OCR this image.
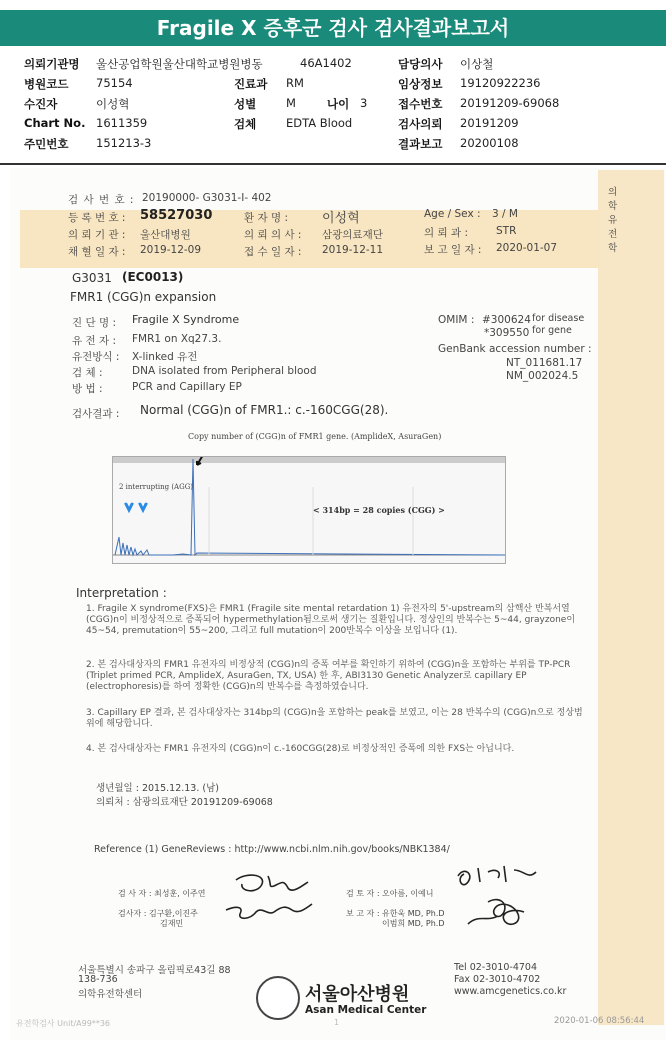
Fragile X 증후군 검사 검사결과보고서
의뢰기관명 울산공업학원울산대학교병원병동	46A1402	담당의사 이상철
병원코드 75154	진료과 RM	임상정보 19120922236
수진자	이성혁	성별	M	나이 3	접수번호 20191209-69068
Chart No. 1611359	검체	EDTA Blood	검사의뢰 20191209
주민번호 151213-3	결과보고 20200108
검 사 번 호 : 20190000- G3031-I- 402	의학유전학
등 록 번 호 : 58527030	환 자 명 :	이성혁	Age / Sex : 3 / M
의 뢰 기 관 : 울산대병원	의 뢰 의 사 : 삼광의료재단	의 뢰 과 :	STR
채 혈 일 자 : 2019-12-09	접 수 일 자 : 2019-12-11	보 고 일 자 : 2020-01-07
G3031 (EC0013)
FMR1 (CGG)n expansion
진 단 명 : Fragile X Syndrome
유 전 자 : FMR1 on Xq27.3.
유전방식 : X-linked 유전
검 체 :	DNA isolated from Peripheral blood
방 법 :	PCR and Capillary EP
OMIM : #300624 for disease
*309550 for gene
GenBank accession number :
NT_011681.17
NM_002024.5
검사결과 : Normal (CGG)n of FMR1.: c.-160CGG(28).
Copy number of (CGG)n of FMR1 gene. (AmplideX, AsuraGen)
2 interrupting (AGG)
< 314bp = 28 copies (CGG) >
Interpretation :
1. Fragile X syndrome(FXS)은 FMR1 (Fragile site mental retardation 1) 유전자의 5'-upstream의 삼핵산 반복서열 (CGG)n이 비정상적으로 증폭되어 hypermethylation됨으로써 생기는 질환입니다. 정상인의 반복수는 5~44, grayzone이 45~54, premutation이 55~200, 그리고 full mutation이 200반복수 이상을 보입니다 (1).
2. 본 검사대상자의 FMR1 유전자의 비정상적 (CGG)n의 증폭 여부를 확인하기 위하여 (CGG)n을 포함하는 부위를 TP-PCR (Triplet primed PCR, AmplideX, AsuraGen, TX, USA) 한 후, ABI3130 Genetic Analyzer로 capillary EP (electrophoresis)를 하여 정확한 (CGG)n의 반복수를 측정하였습니다.
3. Capillary EP 결과, 본 검사대상자는 314bp의 (CGG)n을 포함하는 peak를 보였고, 이는 28 반복수의 (CGG)n으로 정상범위에 해당합니다.
4. 본 검사대상자는 FMR1 유전자의 (CGG)n이 c.-160CGG(28)로 비정상적인 증폭에 의한 FXS는 아닙니다.
생년월일 : 2015.12.13. (남)
의뢰처 : 삼광의료재단 20191209-69068
Reference (1) GeneReviews : http://www.ncbi.nlm.nih.gov/books/NBK1384/
검 사 자 : 최성훈, 이주연
검사자 : 김구환,이진주
김재민
검 토 자 : 오아름, 이예니
보 고 자 : 유한욱 MD, Ph.D
이범희 MD, Ph.D
서울특별시 송파구 올림픽로43길 88
138-736
의학유전학센터	서울아산병원
Asan Medical Center
Tel 02-3010-4704
Fax 02-3010-4702
www.amcgenetics.co.kr
유전학검사 Unit/A99**36	1	2020-01-06 08:56:44
